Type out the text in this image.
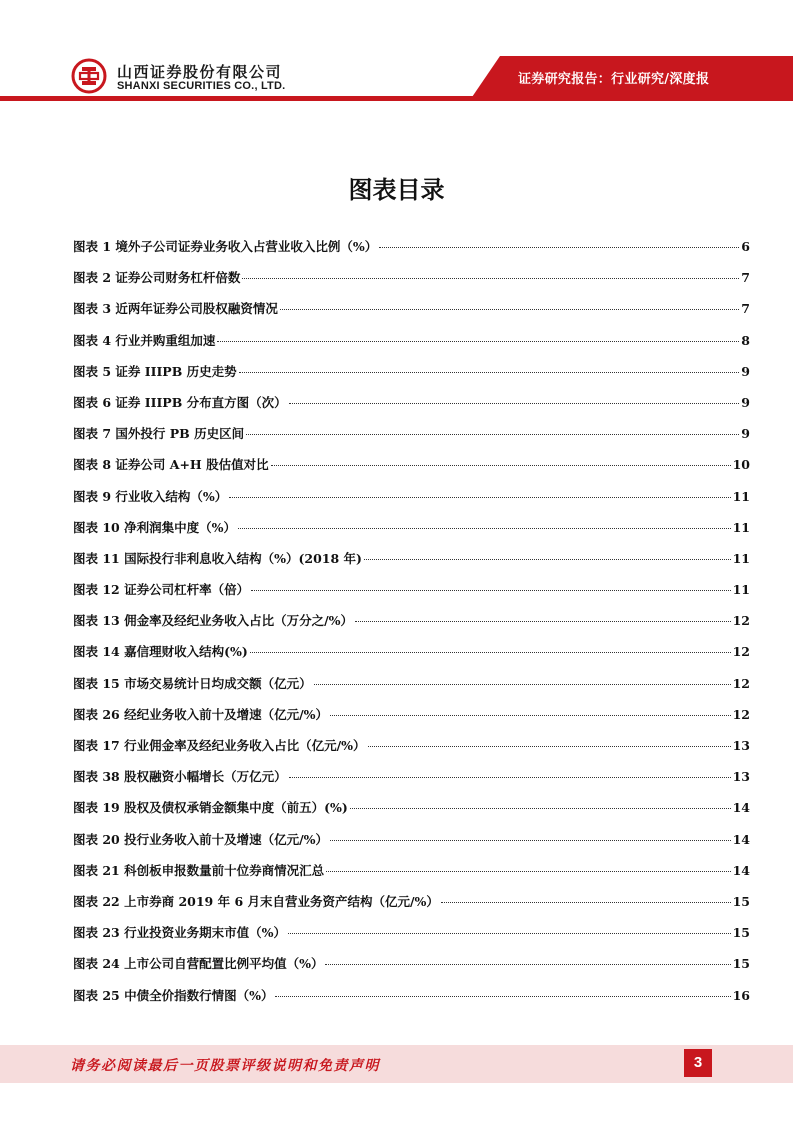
山西证券股份有限公司
SHANXI SECURITIES CO., LTD.	证券研究报告：行业研究/深度报
图表目录
图表 1 境外子公司证券业务收入占营业收入比例（%）	6
图表 2 证券公司财务杠杆倍数	7
图表 3 近两年证券公司股权融资情况	7
图表 4 行业并购重组加速	8
图表 5 证券 IIIPB 历史走势	9
图表 6 证券 IIIPB 分布直方图（次）	9
图表 7 国外投行 PB 历史区间	9
图表 8 证券公司 A+H 股估值对比	10
图表 9 行业收入结构（%）	11
图表 10 净利润集中度（%）	11
图表 11 国际投行非利息收入结构（%）(2018 年)	11
图表 12 证券公司杠杆率（倍）	11
图表 13 佣金率及经纪业务收入占比（万分之/%）	12
图表 14 嘉信理财收入结构(%)	12
图表 15 市场交易统计日均成交额（亿元）	12
图表 26 经纪业务收入前十及增速（亿元/%）	12
图表 17 行业佣金率及经纪业务收入占比（亿元/%）	13
图表 38 股权融资小幅增长（万亿元）	13
图表 19 股权及债权承销金额集中度（前五）(%)	14
图表 20 投行业务收入前十及增速（亿元/%）	14
图表 21 科创板申报数量前十位券商情况汇总	14
图表 22 上市券商 2019 年 6 月末自营业务资产结构（亿元/%）	15
图表 23 行业投资业务期末市值（%）	15
图表 24 上市公司自营配置比例平均值（%）	15
图表 25 中债全价指数行情图（%）	16
请务必阅读最后一页股票评级说明和免责声明	3
